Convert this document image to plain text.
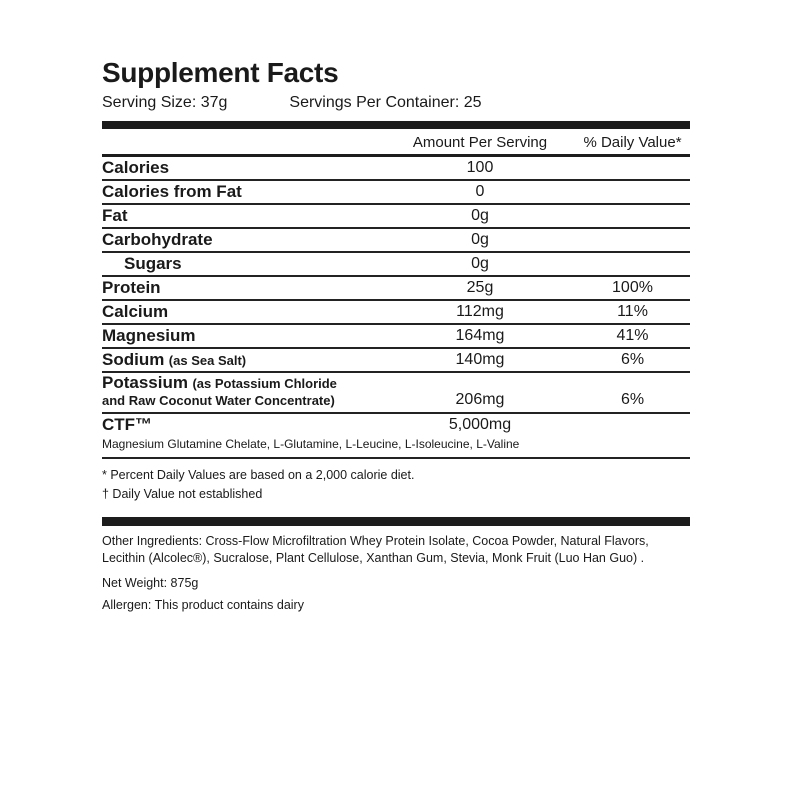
Supplement Facts
Serving Size: 37g	Servings Per Container: 25
Amount Per Serving	% Daily Value*
Calories	100
Calories from Fat	0
Fat	0g
Carbohydrate	0g
Sugars	0g
Protein	25g	100%
Calcium	112mg	11%
Magnesium	164mg	41%
Sodium (as Sea Salt)	140mg	6%
Potassium (as Potassium Chloride
and Raw Coconut Water Concentrate)	206mg	6%
CTF™	5,000mg
Magnesium Glutamine Chelate, L-Glutamine, L-Leucine, L-Isoleucine, L-Valine
* Percent Daily Values are based on a 2,000 calorie diet.
† Daily Value not established
Other Ingredients: Cross-Flow Microfiltration Whey Protein Isolate, Cocoa Powder, Natural Flavors, Lecithin (Alcolec®), Sucralose, Plant Cellulose, Xanthan Gum, Stevia, Monk Fruit (Luo Han Guo) .
Net Weight: 875g
Allergen: This product contains dairy
